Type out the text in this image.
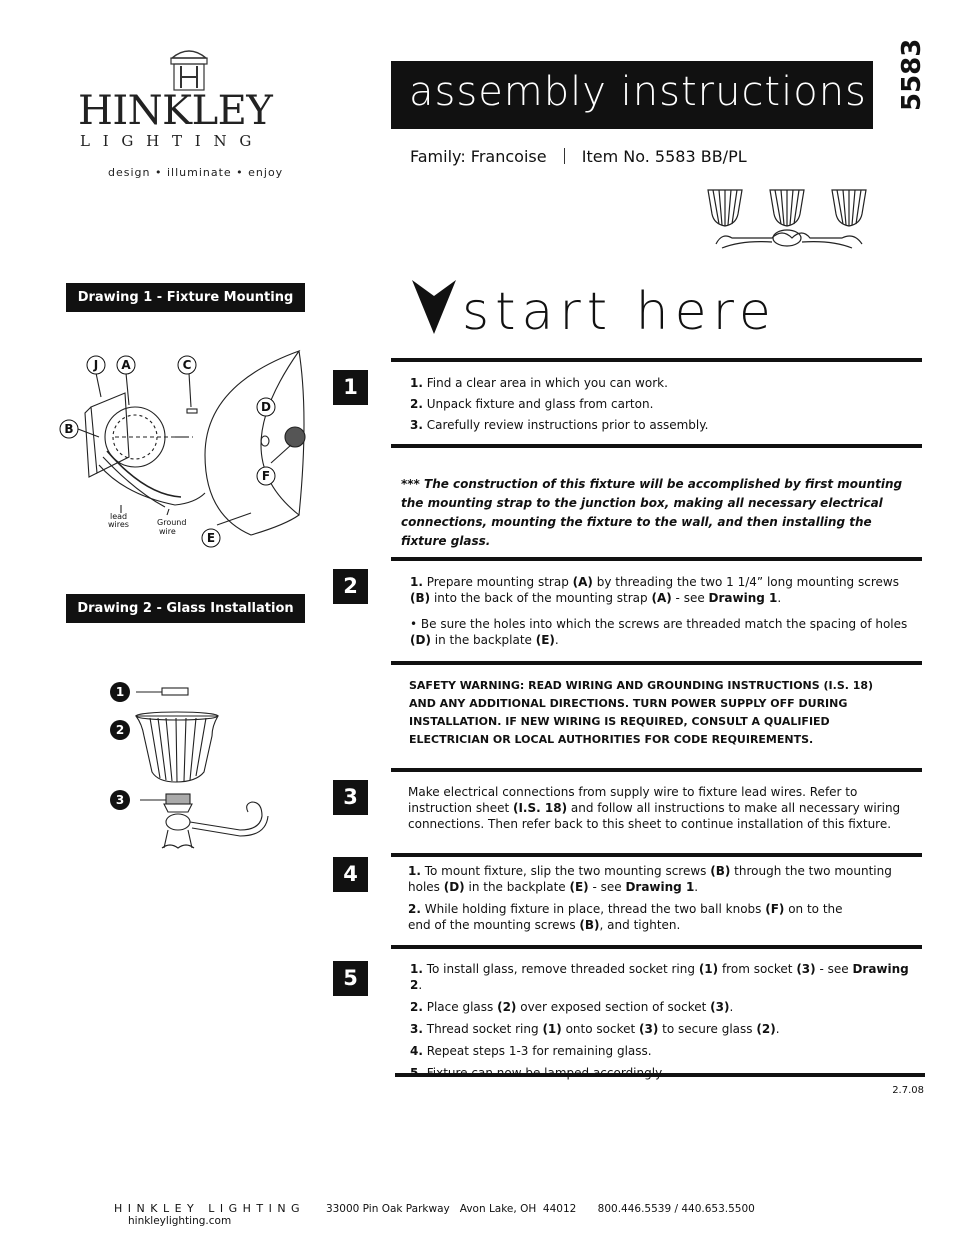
HINKLEY
L I G H T I N G
design • illuminate • enjoy
assembly instructions 5583
Family: Francoise Item No. 5583 BB/PL
start here
Drawing 1 - Fixture Mounting
J A	C
B
D
F
E
lead
wires	Ground
wire
Drawing 2 - Glass Installation
1
2
3
1	1. Find a clear area in which you can work.

2. Unpack fixture and glass from carton.

3. Carefully review instructions prior to assembly.

*** The construction of this fixture will be accomplished by first mounting the mounting strap to the junction box, making all necessary electrical connections, mounting the fixture to the wall, and then installing the fixture glass.
2	1. Prepare mounting strap (A) by threading the two 1 1/4” long mounting screws (B) into the back of the mounting strap (A) - see Drawing 1.

• Be sure the holes into which the screws are threaded match the spacing of holes (D) in the backplate (E).

SAFETY WARNING: READ WIRING AND GROUNDING INSTRUCTIONS (I.S. 18) AND ANY ADDITIONAL DIRECTIONS. TURN POWER SUPPLY OFF DURING INSTALLATION. IF NEW WIRING IS REQUIRED, CONSULT A QUALIFIED ELECTRICIAN OR LOCAL AUTHORITIES FOR CODE REQUIREMENTS.
3	Make electrical connections from supply wire to fixture lead wires. Refer to instruction sheet (I.S. 18) and follow all instructions to make all necessary wiring connections. Then refer back to this sheet to continue installation of this fixture.

4	1. To mount fixture, slip the two mounting screws (B) through the two mounting holes (D) in the backplate (E) - see Drawing 1.

2. While holding fixture in place, thread the two ball knobs (F) on to the end of the mounting screws (B), and tighten.

5	1. To install glass, remove threaded socket ring (1) from socket (3) - see Drawing 2.

2. Place glass (2) over exposed section of socket (3).

3. Thread socket ring (1) onto socket (3) to secure glass (2).

4. Repeat steps 1-3 for remaining glass.

2.7.08
H I N K L E Y   L I G H T I N G 33000 Pin Oak Parkway   Avon Lake, OH  44012 800.446.5539 / 440.653.5500 hinkleylighting.com
